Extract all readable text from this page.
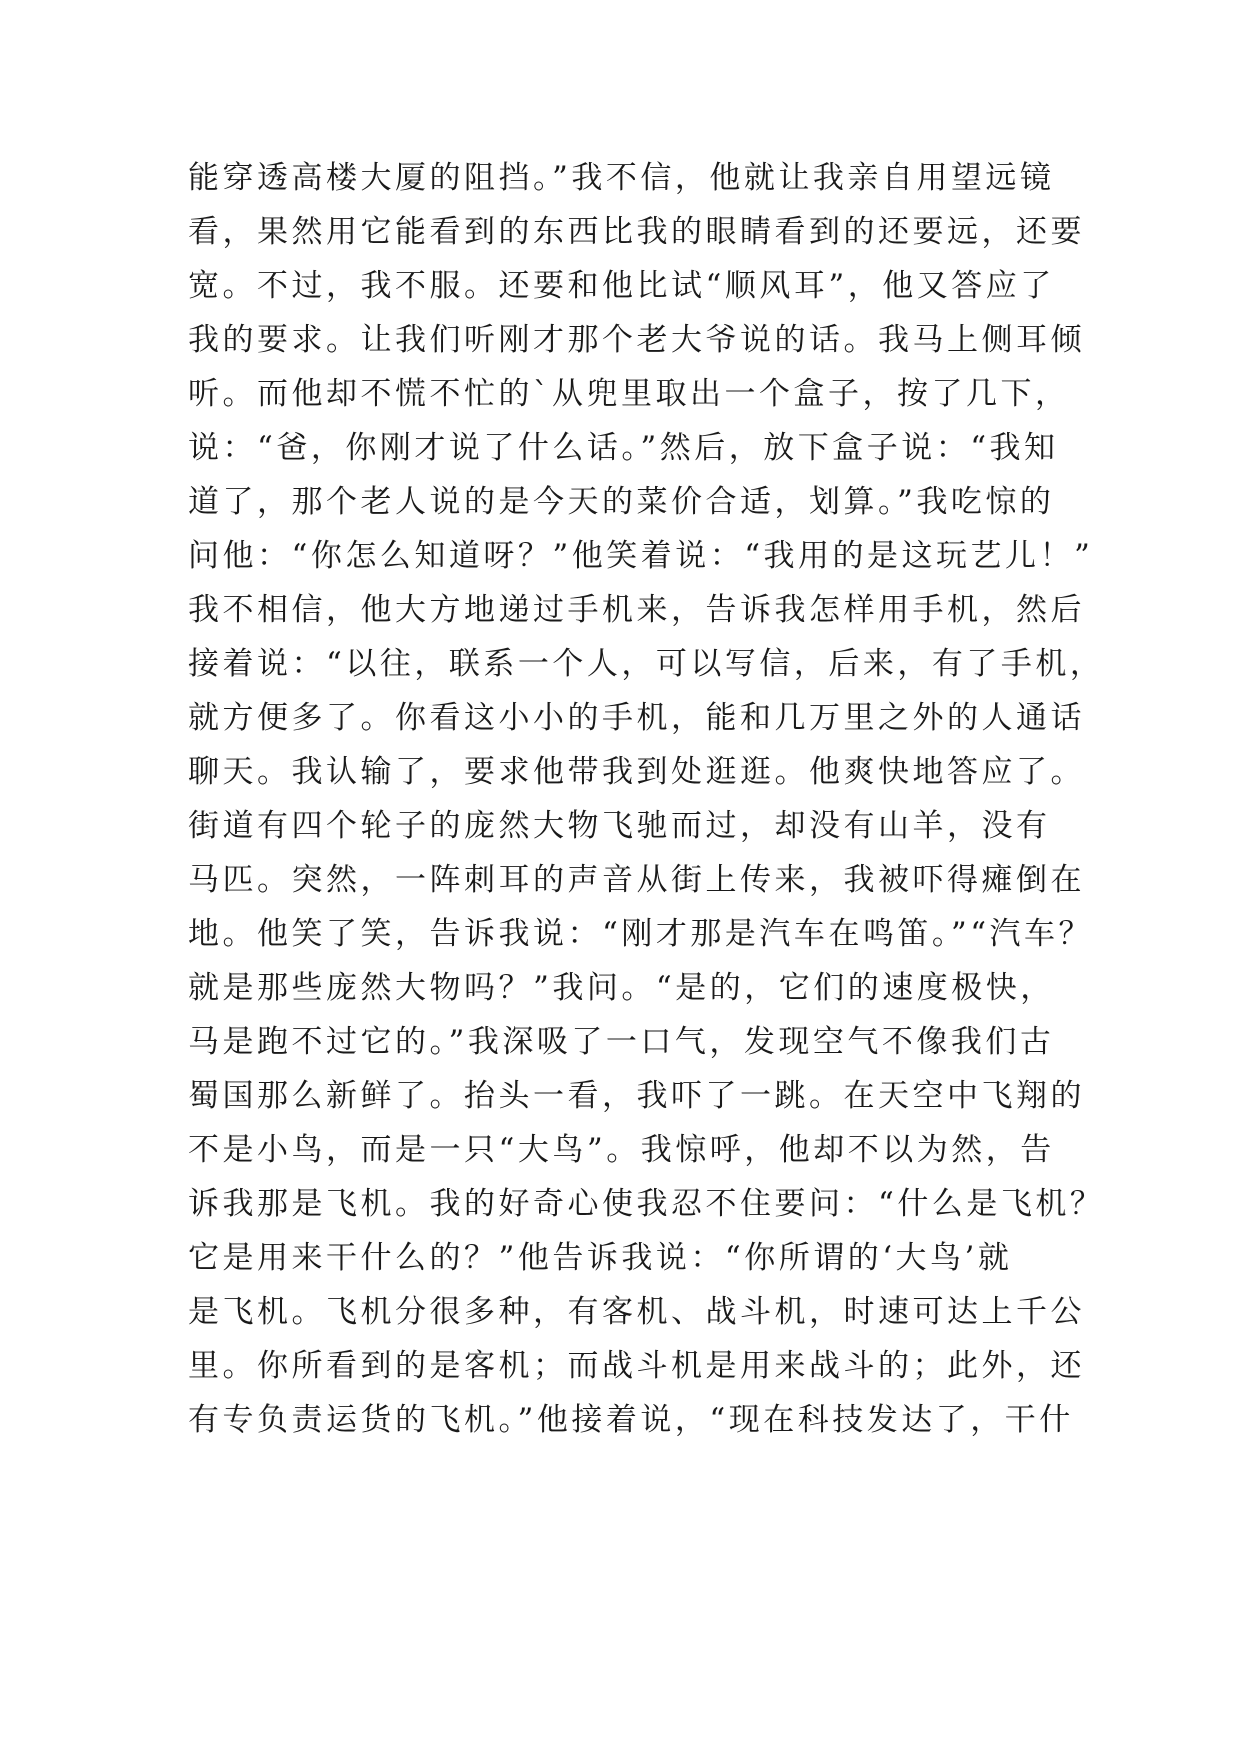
能穿透高楼大厦的阻挡。”我不信，他就让我亲自用望远镜
看，果然用它能看到的东西比我的眼睛看到的还要远，还要
宽。不过，我不服。还要和他比试“顺风耳”，他又答应了
我的要求。让我们听刚才那个老大爷说的话。我马上侧耳倾
听。而他却不慌不忙的`从兜里取出一个盒子，按了几下，
说：“爸，你刚才说了什么话。”然后，放下盒子说：“我知
道了，那个老人说的是今天的菜价合适，划算。”我吃惊的
问他：“你怎么知道呀？”他笑着说：“我用的是这玩艺儿！”
我不相信，他大方地递过手机来，告诉我怎样用手机，然后
接着说：“以往，联系一个人，可以写信，后来，有了手机，
就方便多了。你看这小小的手机，能和几万里之外的人通话
聊天。我认输了，要求他带我到处逛逛。他爽快地答应了。
街道有四个轮子的庞然大物飞驰而过，却没有山羊，没有
马匹。突然，一阵刺耳的声音从街上传来，我被吓得瘫倒在
地。他笑了笑，告诉我说：“刚才那是汽车在鸣笛。”“汽车？
就是那些庞然大物吗？”我问。“是的，它们的速度极快，
马是跑不过它的。”我深吸了一口气，发现空气不像我们古
蜀国那么新鲜了。抬头一看，我吓了一跳。在天空中飞翔的
不是小鸟，而是一只“大鸟”。我惊呼，他却不以为然，告
诉我那是飞机。我的好奇心使我忍不住要问：“什么是飞机？
它是用来干什么的？”他告诉我说：“你所谓的‘大鸟’就
是飞机。飞机分很多种，有客机、战斗机，时速可达上千公
里。你所看到的是客机；而战斗机是用来战斗的；此外，还
有专负责运货的飞机。”他接着说，“现在科技发达了，干什
